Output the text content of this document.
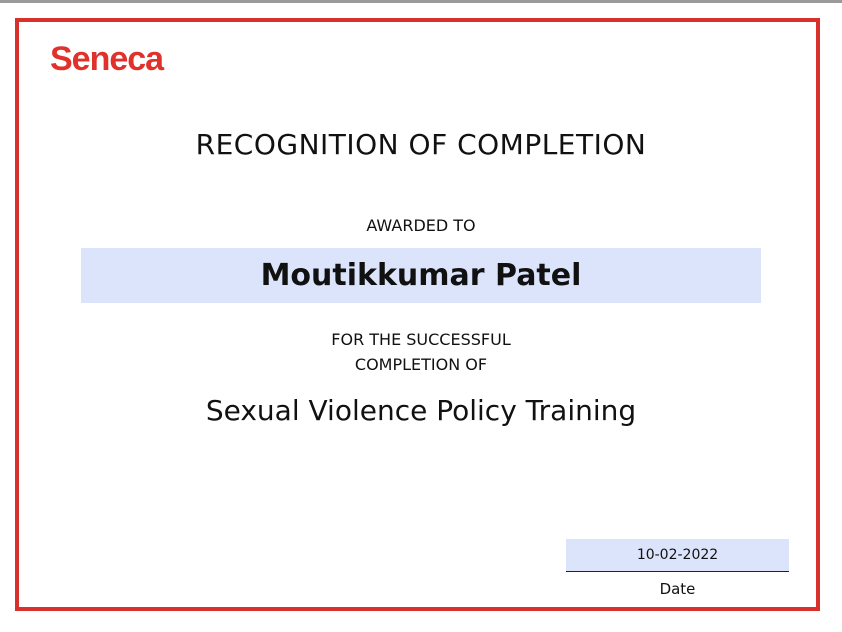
Seneca
RECOGNITION OF COMPLETION
AWARDED TO
Moutikkumar Patel
FOR THE SUCCESSFUL
COMPLETION OF
Sexual Violence Policy Training
10-02-2022
Date
